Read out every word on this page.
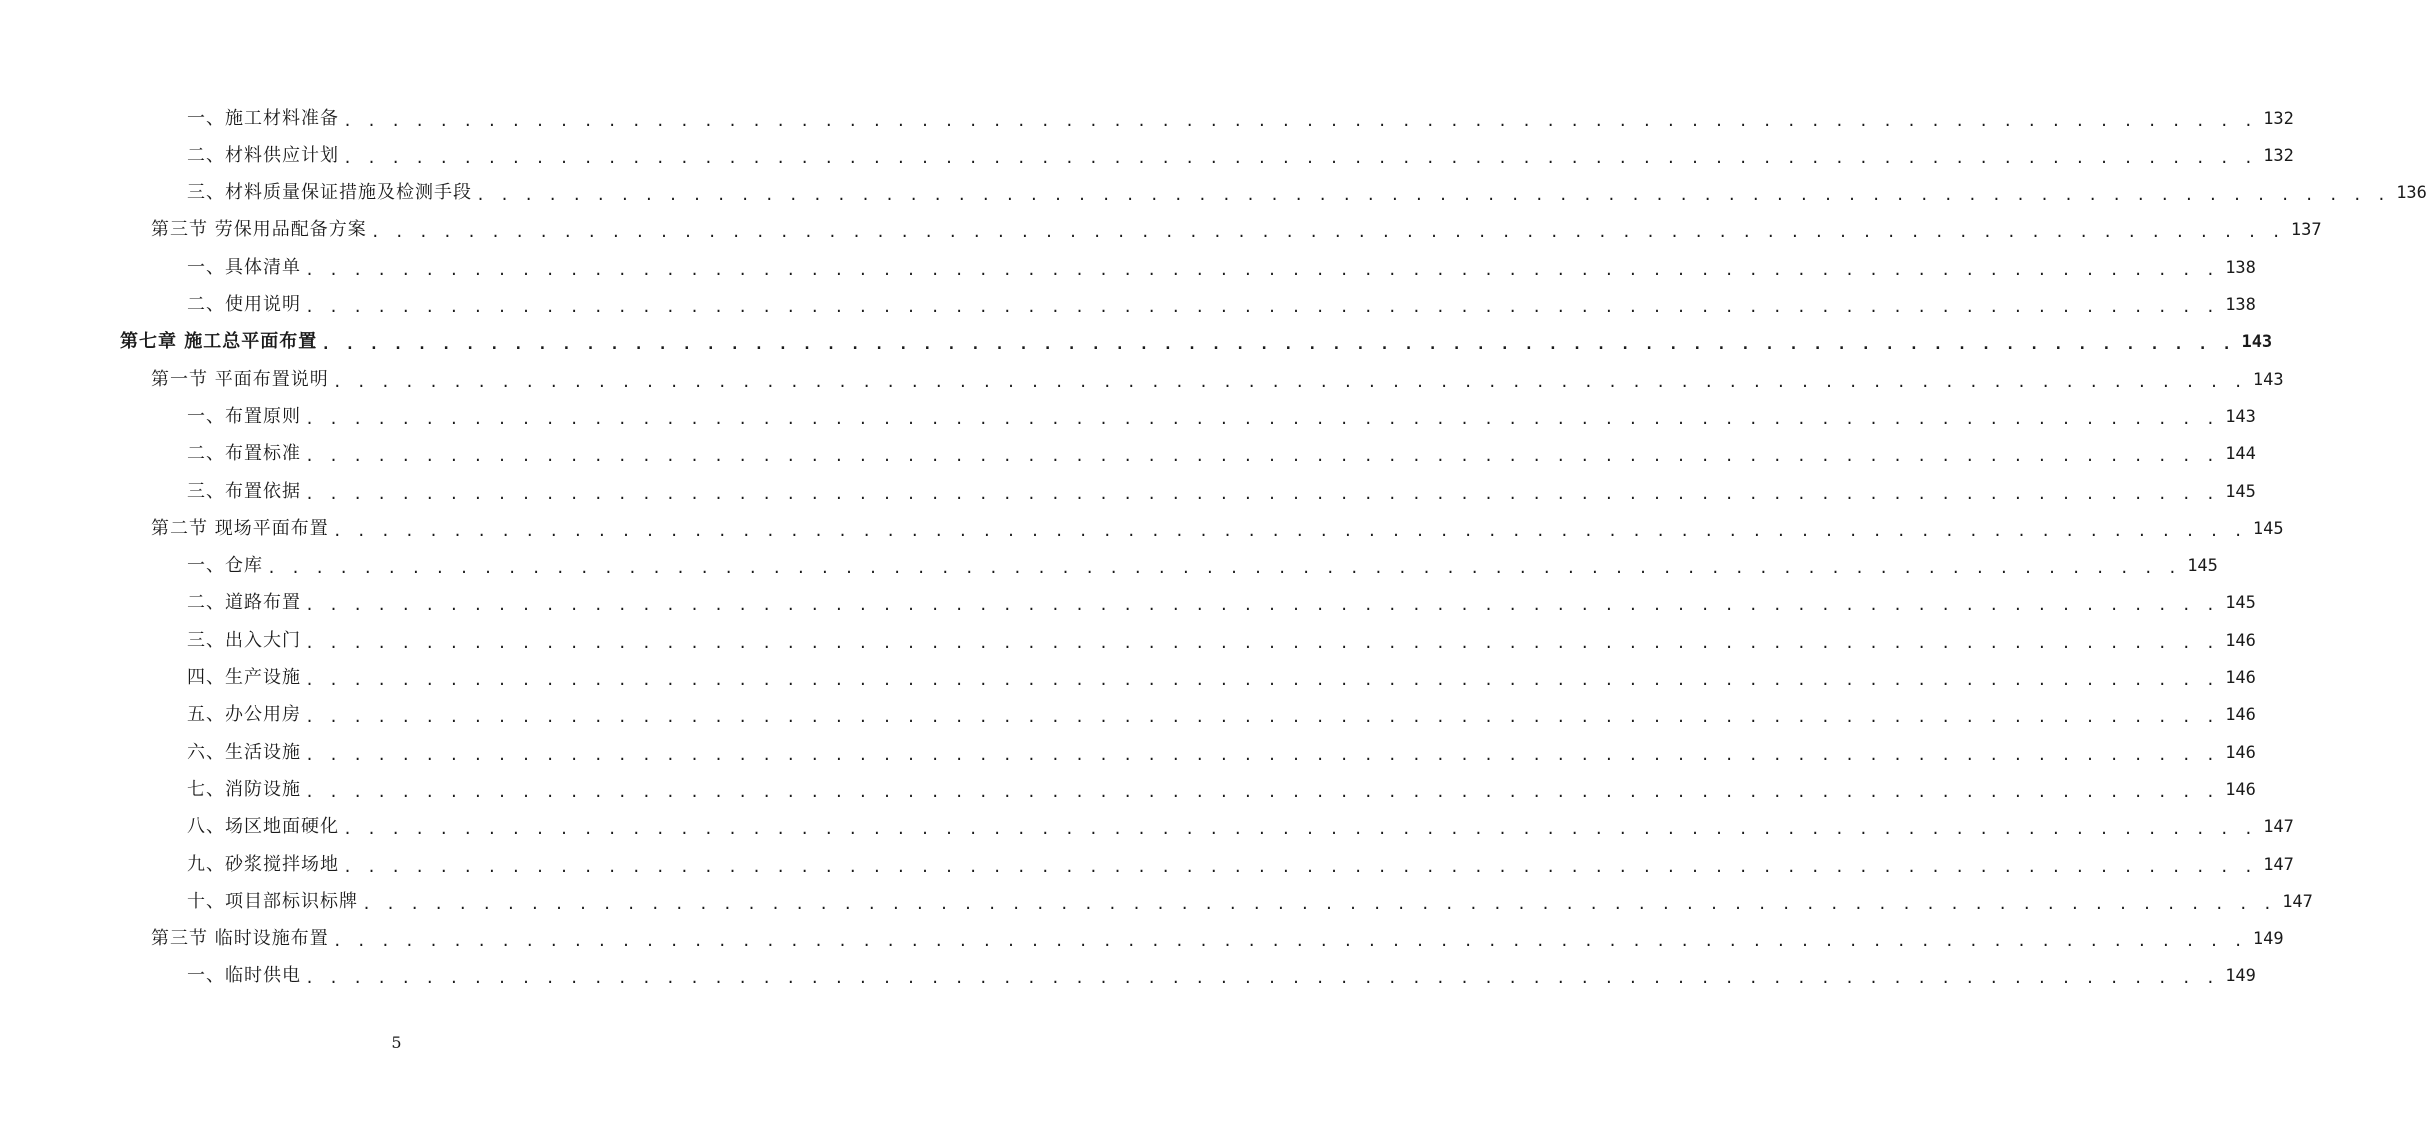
一、施工材料准备 . . . . . . . . . . . . . . . . . . . . . . . . . . . . . . . . . . . . . . . . . . . . . . . . . . . . . . . . . . . . . . . . . . . . . . . . . . . . . . . . 132
二、材料供应计划 . . . . . . . . . . . . . . . . . . . . . . . . . . . . . . . . . . . . . . . . . . . . . . . . . . . . . . . . . . . . . . . . . . . . . . . . . . . . . . . . 132
三、材料质量保证措施及检测手段 . . . . . . . . . . . . . . . . . . . . . . . . . . . . . . . . . . . . . . . . . . . . . . . . . . . . . . . . . . . . . . . . . . . . . . . . . . . . . . . . 136
第三节 劳保用品配备方案 . . . . . . . . . . . . . . . . . . . . . . . . . . . . . . . . . . . . . . . . . . . . . . . . . . . . . . . . . . . . . . . . . . . . . . . . . . . . . . . . 137
一、具体清单 . . . . . . . . . . . . . . . . . . . . . . . . . . . . . . . . . . . . . . . . . . . . . . . . . . . . . . . . . . . . . . . . . . . . . . . . . . . . . . . . 138
二、使用说明 . . . . . . . . . . . . . . . . . . . . . . . . . . . . . . . . . . . . . . . . . . . . . . . . . . . . . . . . . . . . . . . . . . . . . . . . . . . . . . . . 138
第七章 施工总平面布置 . . . . . . . . . . . . . . . . . . . . . . . . . . . . . . . . . . . . . . . . . . . . . . . . . . . . . . . . . . . . . . . . . . . . . . . . . . . . . . . . 143
第一节 平面布置说明 . . . . . . . . . . . . . . . . . . . . . . . . . . . . . . . . . . . . . . . . . . . . . . . . . . . . . . . . . . . . . . . . . . . . . . . . . . . . . . . . 143
一、布置原则 . . . . . . . . . . . . . . . . . . . . . . . . . . . . . . . . . . . . . . . . . . . . . . . . . . . . . . . . . . . . . . . . . . . . . . . . . . . . . . . . 143
二、布置标准 . . . . . . . . . . . . . . . . . . . . . . . . . . . . . . . . . . . . . . . . . . . . . . . . . . . . . . . . . . . . . . . . . . . . . . . . . . . . . . . . 144
三、布置依据 . . . . . . . . . . . . . . . . . . . . . . . . . . . . . . . . . . . . . . . . . . . . . . . . . . . . . . . . . . . . . . . . . . . . . . . . . . . . . . . . 145
第二节 现场平面布置 . . . . . . . . . . . . . . . . . . . . . . . . . . . . . . . . . . . . . . . . . . . . . . . . . . . . . . . . . . . . . . . . . . . . . . . . . . . . . . . . 145
一、仓库 . . . . . . . . . . . . . . . . . . . . . . . . . . . . . . . . . . . . . . . . . . . . . . . . . . . . . . . . . . . . . . . . . . . . . . . . . . . . . . . . 145
二、道路布置 . . . . . . . . . . . . . . . . . . . . . . . . . . . . . . . . . . . . . . . . . . . . . . . . . . . . . . . . . . . . . . . . . . . . . . . . . . . . . . . . 145
三、出入大门 . . . . . . . . . . . . . . . . . . . . . . . . . . . . . . . . . . . . . . . . . . . . . . . . . . . . . . . . . . . . . . . . . . . . . . . . . . . . . . . . 146
四、生产设施 . . . . . . . . . . . . . . . . . . . . . . . . . . . . . . . . . . . . . . . . . . . . . . . . . . . . . . . . . . . . . . . . . . . . . . . . . . . . . . . . 146
五、办公用房 . . . . . . . . . . . . . . . . . . . . . . . . . . . . . . . . . . . . . . . . . . . . . . . . . . . . . . . . . . . . . . . . . . . . . . . . . . . . . . . . 146
六、生活设施 . . . . . . . . . . . . . . . . . . . . . . . . . . . . . . . . . . . . . . . . . . . . . . . . . . . . . . . . . . . . . . . . . . . . . . . . . . . . . . . . 146
七、消防设施 . . . . . . . . . . . . . . . . . . . . . . . . . . . . . . . . . . . . . . . . . . . . . . . . . . . . . . . . . . . . . . . . . . . . . . . . . . . . . . . . 146
八、场区地面硬化 . . . . . . . . . . . . . . . . . . . . . . . . . . . . . . . . . . . . . . . . . . . . . . . . . . . . . . . . . . . . . . . . . . . . . . . . . . . . . . . . 147
九、砂浆搅拌场地 . . . . . . . . . . . . . . . . . . . . . . . . . . . . . . . . . . . . . . . . . . . . . . . . . . . . . . . . . . . . . . . . . . . . . . . . . . . . . . . . 147
十、项目部标识标牌 . . . . . . . . . . . . . . . . . . . . . . . . . . . . . . . . . . . . . . . . . . . . . . . . . . . . . . . . . . . . . . . . . . . . . . . . . . . . . . . . 147
第三节 临时设施布置 . . . . . . . . . . . . . . . . . . . . . . . . . . . . . . . . . . . . . . . . . . . . . . . . . . . . . . . . . . . . . . . . . . . . . . . . . . . . . . . . 149
一、临时供电 . . . . . . . . . . . . . . . . . . . . . . . . . . . . . . . . . . . . . . . . . . . . . . . . . . . . . . . . . . . . . . . . . . . . . . . . . . . . . . . . 149
5
